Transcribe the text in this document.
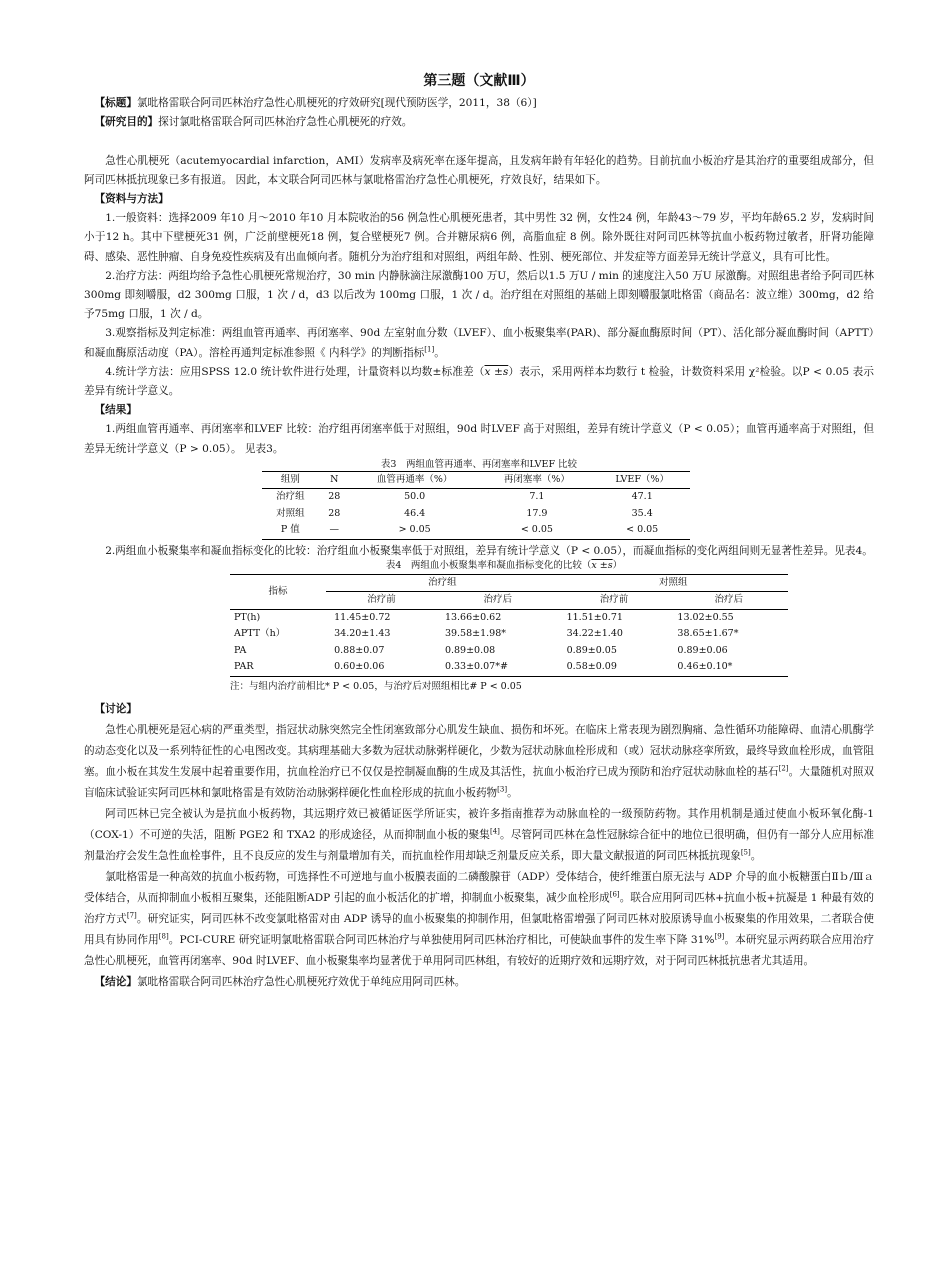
第三题（文献Ⅲ）

【标题】氯吡格雷联合阿司匹林治疗急性心肌梗死的疗效研究[现代预防医学，2011，38（6）]

【研究目的】探讨氯吡格雷联合阿司匹林治疗急性心肌梗死的疗效。

急性心肌梗死（acutemyocardial infarction，AMI）发病率及病死率在逐年提高，且发病年龄有年轻化的趋势。目前抗血小板治疗是其治疗的重要组成部分，但阿司匹林抵抗现象已多有报道。 因此，本文联合阿司匹林与氯吡格雷治疗急性心肌梗死，疗效良好，结果如下。

【资料与方法】

1.一般资料：选择2009 年10 月～2010 年10 月本院收治的56 例急性心肌梗死患者，其中男性 32 例，女性24 例，年龄43～79 岁，平均年龄65.2 岁，发病时间小于12 h。其中下壁梗死31 例，广泛前壁梗死18 例，复合壁梗死7 例。合并糖尿病6 例，高脂血症 8 例。除外既往对阿司匹林等抗血小板药物过敏者，肝肾功能障碍、感染、恶性肿瘤、自身免疫性疾病及有出血倾向者。随机分为治疗组和对照组，两组年龄、性别、梗死部位、并发症等方面差异无统计学意义，具有可比性。

2.治疗方法：两组均给予急性心肌梗死常规治疗，30 min 内静脉滴注尿激酶100 万U，然后以1.5 万U / min 的速度注入50 万U 尿激酶。对照组患者给予阿司匹林300mg 即刻嚼服，d2 300mg 口服，1 次 / d，d3 以后改为 100mg 口服，1 次 / d。治疗组在对照组的基础上即刻嚼服氯吡格雷（商品名：波立维）300mg，d2 给予75mg 口服，1 次 / d。

3.观察指标及判定标准：两组血管再通率、再闭塞率、90d 左室射血分数（LVEF）、血小板聚集率(PAR)、部分凝血酶原时间（PT）、活化部分凝血酶时间（APTT）和凝血酶原活动度（PA）。溶栓再通判定标准参照《 内科学》的判断指标[1]。

4.统计学方法：应用SPSS 12.0 统计软件进行处理，计量资料以均数±标准差（x ±s）表示，采用两样本均数行 t 检验，计数资料采用 χ²检验。以P < 0.05 表示差异有统计学意义。

【结果】

1.两组血管再通率、再闭塞率和LVEF 比较：治疗组再闭塞率低于对照组，90d 时LVEF 高于对照组，差异有统计学意义（P < 0.05）；血管再通率高于对照组，但差异无统计学意义（P > 0.05）。 见表3。

表3　两组血管再通率、再闭塞率和LVEF 比较

组别	N	血管再通率（%）	再闭塞率（%）	LVEF（%）
治疗组	28	50.0	7.1	47.1
对照组	28	46.4	17.9	35.4
P 值	—	> 0.05	< 0.05	< 0.05

2.两组血小板聚集率和凝血指标变化的比较：治疗组血小板聚集率低于对照组，差异有统计学意义（P < 0.05），而凝血指标的变化两组间则无显著性差异。见表4。

表4　两组血小板聚集率和凝血指标变化的比较（x ±s）

指标	治疗组		对照组	
	治疗前	治疗后	治疗前	治疗后
PT(h)	11.45±0.72	13.66±0.62	11.51±0.71	13.02±0.55
APTT（h）	34.20±1.43	39.58±1.98*	34.22±1.40	38.65±1.67*
PA	0.88±0.07	0.89±0.08	0.89±0.05	0.89±0.06
PAR	0.60±0.06	0.33±0.07*#	0.58±0.09	0.46±0.10*

注：与组内治疗前相比* P < 0.05，与治疗后对照组相比# P < 0.05

【讨论】

急性心肌梗死是冠心病的严重类型，指冠状动脉突然完全性闭塞致部分心肌发生缺血、损伤和坏死。在临床上常表现为剧烈胸痛、急性循环功能障碍、血清心肌酶学的动态变化以及一系列特征性的心电图改变。其病理基础大多数为冠状动脉粥样硬化，少数为冠状动脉血栓形成和（或）冠状动脉痉挛所致，最终导致血栓形成，血管阻塞。血小板在其发生发展中起着重要作用，抗血栓治疗已不仅仅是控制凝血酶的生成及其活性，抗血小板治疗已成为预防和治疗冠状动脉血栓的基石[2]。大量随机对照双盲临床试验证实阿司匹林和氯吡格雷是有效防治动脉粥样硬化性血栓形成的抗血小板药物[3]。

阿司匹林已完全被认为是抗血小板药物，其远期疗效已被循证医学所证实，被许多指南推荐为动脉血栓的一级预防药物。其作用机制是通过使血小板环氧化酶-1（COX-1）不可逆的失活，阻断 PGE2 和 TXA2 的形成途径，从而抑制血小板的聚集[4]。尽管阿司匹林在急性冠脉综合征中的地位已很明确，但仍有一部分人应用标准剂量治疗会发生急性血栓事件，且不良反应的发生与剂量增加有关，而抗血栓作用却缺乏剂量反应关系，即大量文献报道的阿司匹林抵抗现象[5]。

氯吡格雷是一种高效的抗血小板药物，可选择性不可逆地与血小板膜表面的二磷酸腺苷（ADP）受体结合，使纤维蛋白原无法与 ADP 介导的血小板糖蛋白Ⅱｂ/Ⅲａ 受体结合，从而抑制血小板相互聚集，还能阻断ADP 引起的血小板活化的扩增，抑制血小板聚集，减少血栓形成[6]。联合应用阿司匹林+抗血小板+抗凝是 1 种最有效的治疗方式[7]。研究证实，阿司匹林不改变氯吡格雷对由 ADP 诱导的血小板聚集的抑制作用，但氯吡格雷增强了阿司匹林对胶原诱导血小板聚集的作用效果，二者联合使用具有协同作用[8]。PCI-CURE 研究证明氯吡格雷联合阿司匹林治疗与单独使用阿司匹林治疗相比，可使缺血事件的发生率下降 31%[9]。本研究显示两药联合应用治疗急性心肌梗死，血管再闭塞率、90d 时LVEF、血小板聚集率均显著优于单用阿司匹林组，有较好的近期疗效和远期疗效，对于阿司匹林抵抗患者尤其适用。

【结论】氯吡格雷联合阿司匹林治疗急性心肌梗死疗效优于单纯应用阿司匹林。
